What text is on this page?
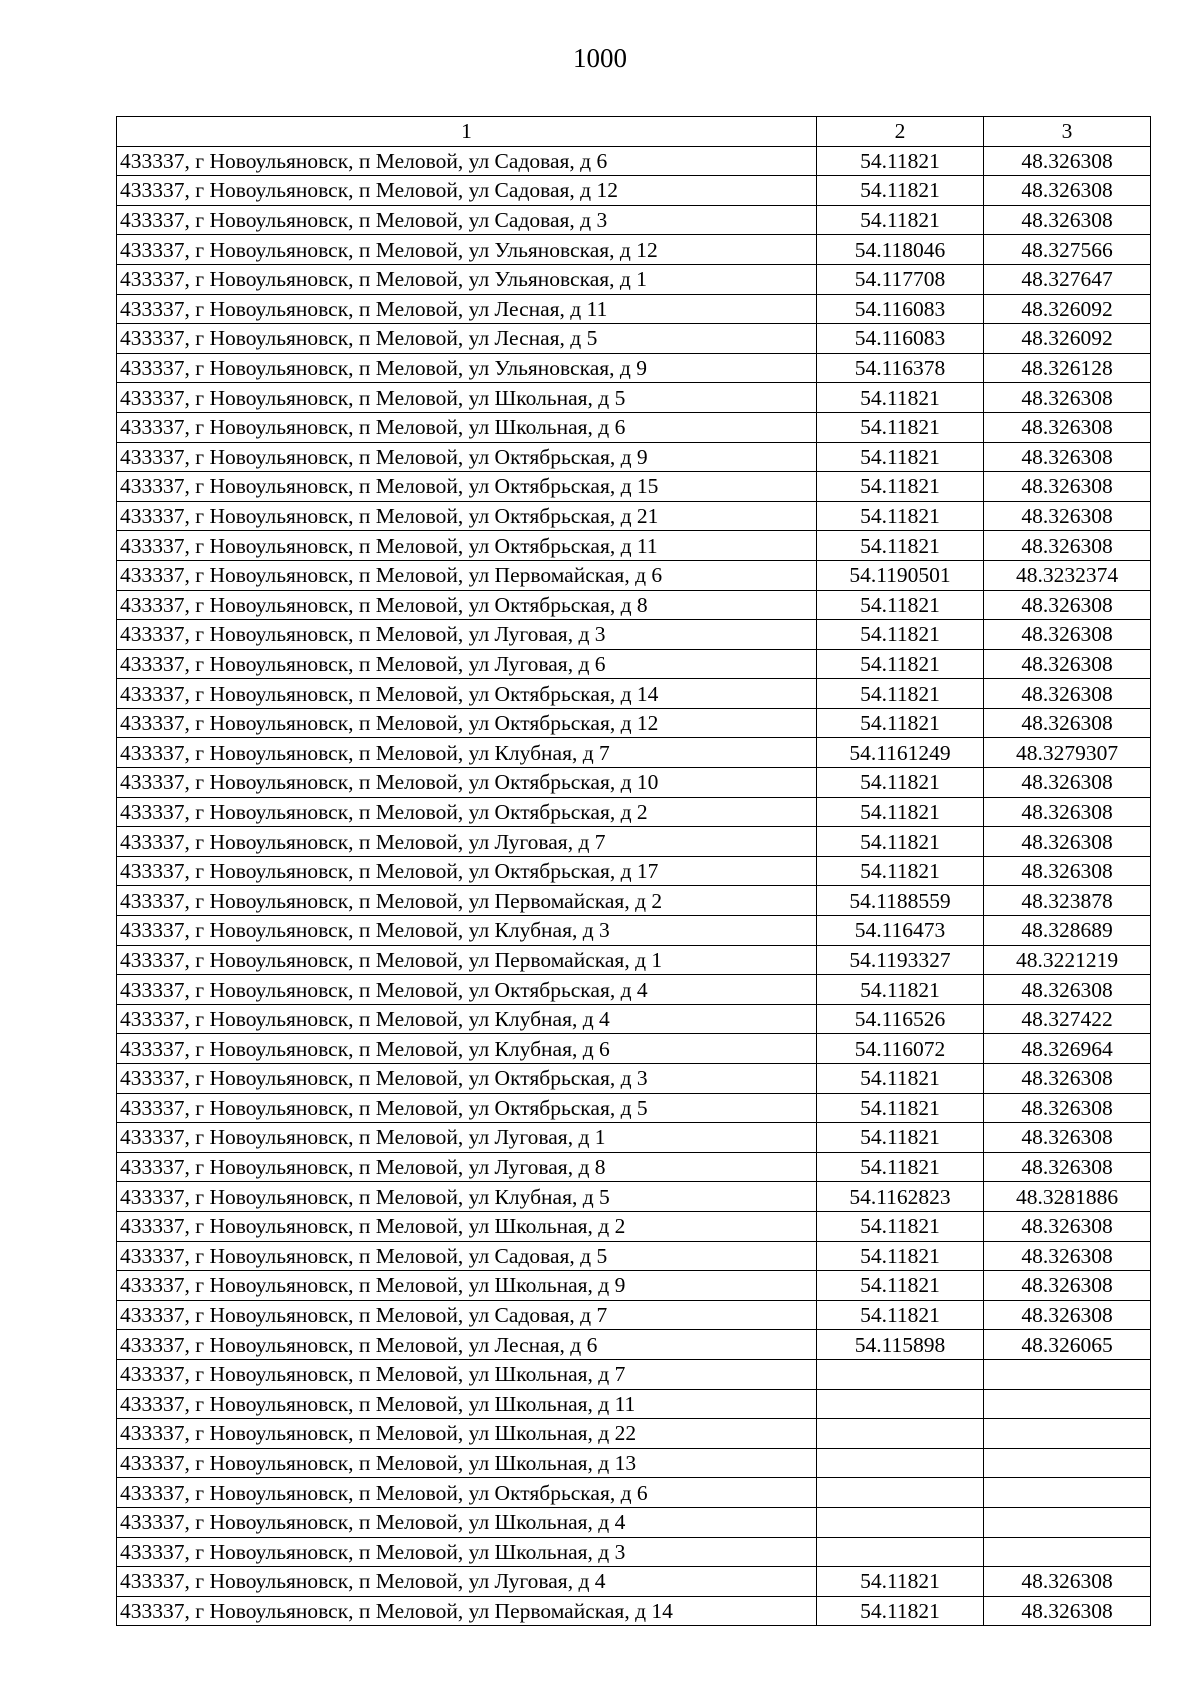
1000
1	2	3
433337, г Новоульяновск, п Меловой, ул Садовая, д 6	54.11821	48.326308
433337, г Новоульяновск, п Меловой, ул Садовая, д 12	54.11821	48.326308
433337, г Новоульяновск, п Меловой, ул Садовая, д 3	54.11821	48.326308
433337, г Новоульяновск, п Меловой, ул Ульяновская, д 12	54.118046	48.327566
433337, г Новоульяновск, п Меловой, ул Ульяновская, д 1	54.117708	48.327647
433337, г Новоульяновск, п Меловой, ул Лесная, д 11	54.116083	48.326092
433337, г Новоульяновск, п Меловой, ул Лесная, д 5	54.116083	48.326092
433337, г Новоульяновск, п Меловой, ул Ульяновская, д 9	54.116378	48.326128
433337, г Новоульяновск, п Меловой, ул Школьная, д 5	54.11821	48.326308
433337, г Новоульяновск, п Меловой, ул Школьная, д 6	54.11821	48.326308
433337, г Новоульяновск, п Меловой, ул Октябрьская, д 9	54.11821	48.326308
433337, г Новоульяновск, п Меловой, ул Октябрьская, д 15	54.11821	48.326308
433337, г Новоульяновск, п Меловой, ул Октябрьская, д 21	54.11821	48.326308
433337, г Новоульяновск, п Меловой, ул Октябрьская, д 11	54.11821	48.326308
433337, г Новоульяновск, п Меловой, ул Первомайская, д 6	54.1190501	48.3232374
433337, г Новоульяновск, п Меловой, ул Октябрьская, д 8	54.11821	48.326308
433337, г Новоульяновск, п Меловой, ул Луговая, д 3	54.11821	48.326308
433337, г Новоульяновск, п Меловой, ул Луговая, д 6	54.11821	48.326308
433337, г Новоульяновск, п Меловой, ул Октябрьская, д 14	54.11821	48.326308
433337, г Новоульяновск, п Меловой, ул Октябрьская, д 12	54.11821	48.326308
433337, г Новоульяновск, п Меловой, ул Клубная, д 7	54.1161249	48.3279307
433337, г Новоульяновск, п Меловой, ул Октябрьская, д 10	54.11821	48.326308
433337, г Новоульяновск, п Меловой, ул Октябрьская, д 2	54.11821	48.326308
433337, г Новоульяновск, п Меловой, ул Луговая, д 7	54.11821	48.326308
433337, г Новоульяновск, п Меловой, ул Октябрьская, д 17	54.11821	48.326308
433337, г Новоульяновск, п Меловой, ул Первомайская, д 2	54.1188559	48.323878
433337, г Новоульяновск, п Меловой, ул Клубная, д 3	54.116473	48.328689
433337, г Новоульяновск, п Меловой, ул Первомайская, д 1	54.1193327	48.3221219
433337, г Новоульяновск, п Меловой, ул Октябрьская, д 4	54.11821	48.326308
433337, г Новоульяновск, п Меловой, ул Клубная, д 4	54.116526	48.327422
433337, г Новоульяновск, п Меловой, ул Клубная, д 6	54.116072	48.326964
433337, г Новоульяновск, п Меловой, ул Октябрьская, д 3	54.11821	48.326308
433337, г Новоульяновск, п Меловой, ул Октябрьская, д 5	54.11821	48.326308
433337, г Новоульяновск, п Меловой, ул Луговая, д 1	54.11821	48.326308
433337, г Новоульяновск, п Меловой, ул Луговая, д 8	54.11821	48.326308
433337, г Новоульяновск, п Меловой, ул Клубная, д 5	54.1162823	48.3281886
433337, г Новоульяновск, п Меловой, ул Школьная, д 2	54.11821	48.326308
433337, г Новоульяновск, п Меловой, ул Садовая, д 5	54.11821	48.326308
433337, г Новоульяновск, п Меловой, ул Школьная, д 9	54.11821	48.326308
433337, г Новоульяновск, п Меловой, ул Садовая, д 7	54.11821	48.326308
433337, г Новоульяновск, п Меловой, ул Лесная, д 6	54.115898	48.326065
433337, г Новоульяновск, п Меловой, ул Школьная, д 7		
433337, г Новоульяновск, п Меловой, ул Школьная, д 11		
433337, г Новоульяновск, п Меловой, ул Школьная, д 22		
433337, г Новоульяновск, п Меловой, ул Школьная, д 13		
433337, г Новоульяновск, п Меловой, ул Октябрьская, д 6		
433337, г Новоульяновск, п Меловой, ул Школьная, д 4		
433337, г Новоульяновск, п Меловой, ул Школьная, д 3		
433337, г Новоульяновск, п Меловой, ул Луговая, д 4	54.11821	48.326308
433337, г Новоульяновск, п Меловой, ул Первомайская, д 14	54.11821	48.326308
